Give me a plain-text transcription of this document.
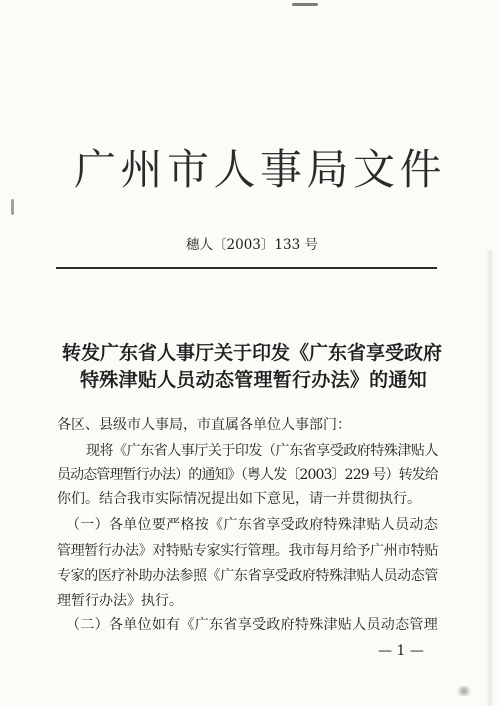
广州市人事局文件
穗人〔2003〕133 号
转发广东省人事厅关于印发《广东省享受政府
特殊津贴人员动态管理暂行办法》的通知
各区、县级市人事局，市直属各单位人事部门：
现将《广东省人事厅关于印发（广东省享受政府特殊津贴人
员动态管理暂行办法）的通知》（粤人发〔2003〕229 号）转发给
你们。结合我市实际情况提出如下意见，请一并贯彻执行。
（一）各单位要严格按《广东省享受政府特殊津贴人员动态
管理暂行办法》对特贴专家实行管理。我市每月给予广州市特贴
专家的医疗补助办法参照《广东省享受政府特殊津贴人员动态管
理暂行办法》执行。
（二）各单位如有《广东省享受政府特殊津贴人员动态管理
— 1 —
